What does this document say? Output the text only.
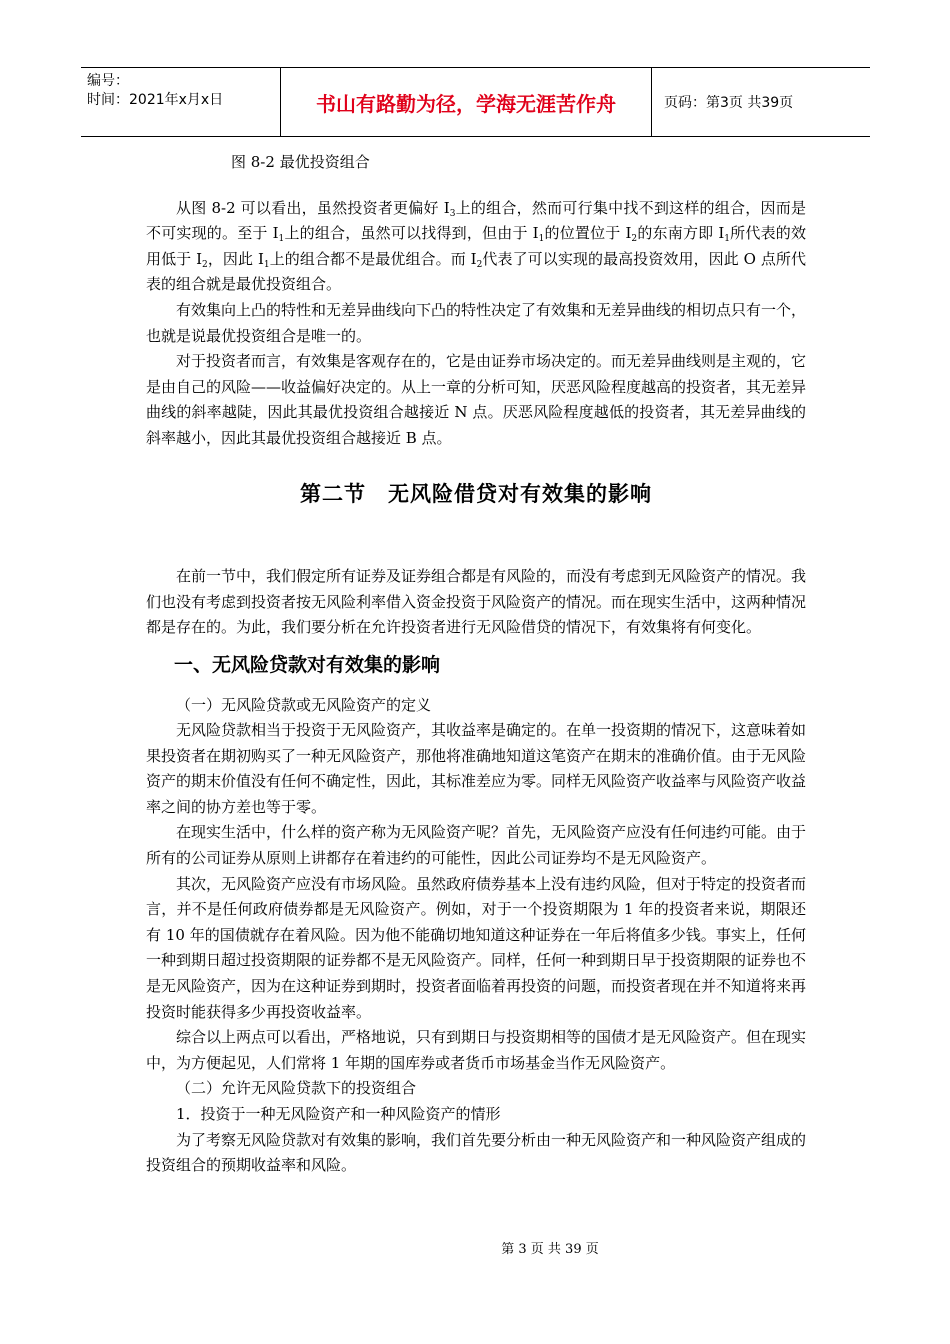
编号：
时间：2021年x月x日	书山有路勤为径，学海无涯苦作舟	页码：第3页 共39页

图 8-2 最优投资组合

从图 8-2 可以看出，虽然投资者更偏好 $I_3$上的组合，然而可行集中找不到这样的组合，因而是不可实现的。至于 $I_1$上的组合，虽然可以找得到，但由于 $I_1$的位置位于 $I_2$的东南方即 $I_1$所代表的效用低于 $I_2$，因此 $I_1$上的组合都不是最优组合。而 $I_2$代表了可以实现的最高投资效用，因此 O 点所代表的组合就是最优投资组合。

有效集向上凸的特性和无差异曲线向下凸的特性决定了有效集和无差异曲线的相切点只有一个，也就是说最优投资组合是唯一的。

对于投资者而言，有效集是客观存在的，它是由证券市场决定的。而无差异曲线则是主观的，它是由自己的风险——收益偏好决定的。从上一章的分析可知，厌恶风险程度越高的投资者，其无差异曲线的斜率越陡，因此其最优投资组合越接近 N 点。厌恶风险程度越低的投资者，其无差异曲线的斜率越小，因此其最优投资组合越接近 B 点。

第二节　无风险借贷对有效集的影响

在前一节中，我们假定所有证券及证券组合都是有风险的，而没有考虑到无风险资产的情况。我们也没有考虑到投资者按无风险利率借入资金投资于风险资产的情况。而在现实生活中，这两种情况都是存在的。为此，我们要分析在允许投资者进行无风险借贷的情况下，有效集将有何变化。

一、无风险贷款对有效集的影响

（一）无风险贷款或无风险资产的定义

无风险贷款相当于投资于无风险资产，其收益率是确定的。在单一投资期的情况下，这意味着如果投资者在期初购买了一种无风险资产，那他将准确地知道这笔资产在期末的准确价值。由于无风险资产的期末价值没有任何不确定性，因此，其标准差应为零。同样无风险资产收益率与风险资产收益率之间的协方差也等于零。

在现实生活中，什么样的资产称为无风险资产呢？首先，无风险资产应没有任何违约可能。由于所有的公司证券从原则上讲都存在着违约的可能性，因此公司证券均不是无风险资产。

其次，无风险资产应没有市场风险。虽然政府债券基本上没有违约风险，但对于特定的投资者而言，并不是任何政府债券都是无风险资产。例如，对于一个投资期限为 1 年的投资者来说，期限还有 10 年的国债就存在着风险。因为他不能确切地知道这种证券在一年后将值多少钱。事实上，任何一种到期日超过投资期限的证券都不是无风险资产。同样，任何一种到期日早于投资期限的证券也不是无风险资产，因为在这种证券到期时，投资者面临着再投资的问题，而投资者现在并不知道将来再投资时能获得多少再投资收益率。

综合以上两点可以看出，严格地说，只有到期日与投资期相等的国债才是无风险资产。但在现实中，为方便起见，人们常将 1 年期的国库券或者货币市场基金当作无风险资产。

（二）允许无风险贷款下的投资组合

1．投资于一种无风险资产和一种风险资产的情形

为了考察无风险贷款对有效集的影响，我们首先要分析由一种无风险资产和一种风险资产组成的投资组合的预期收益率和风险。

第 3 页 共 39 页
